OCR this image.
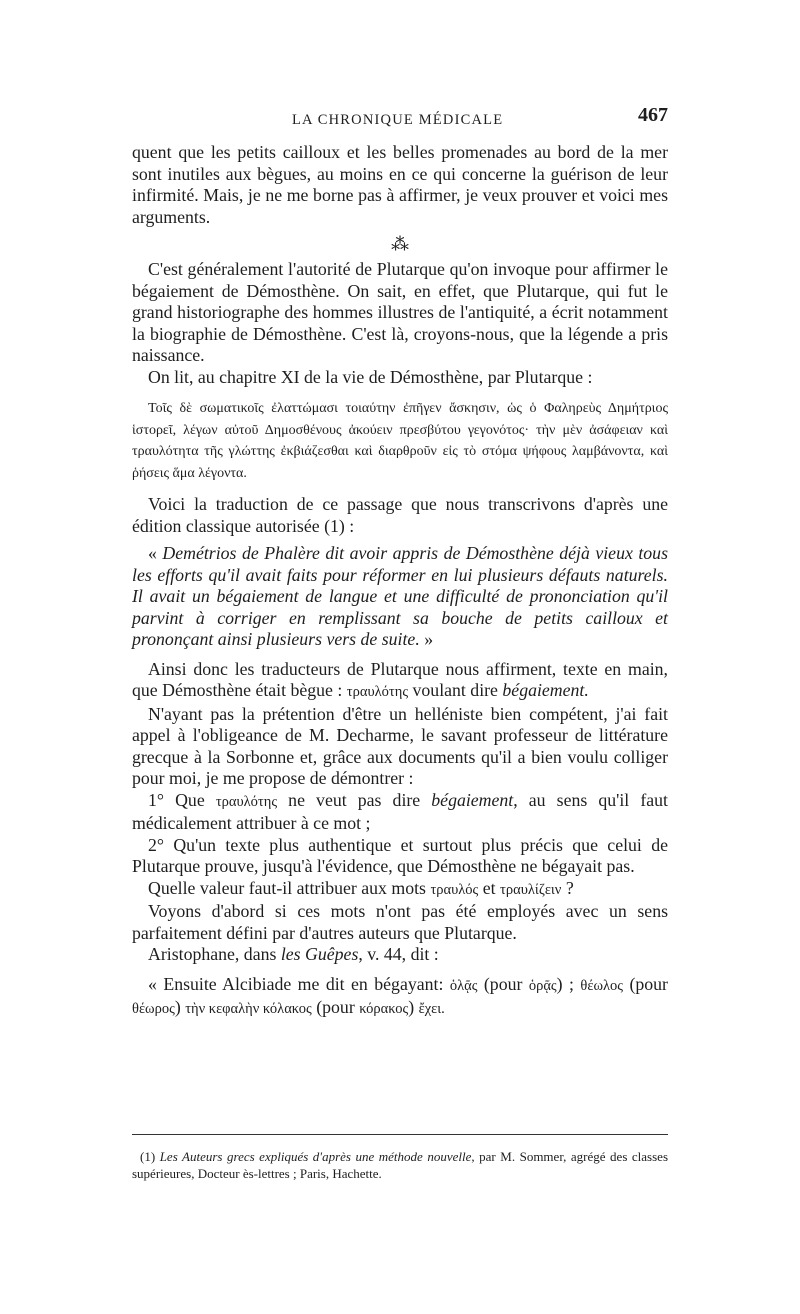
LA CHRONIQUE MÉDICALE	467

quent que les petits cailloux et les belles promenades au bord de la mer sont inutiles aux bègues, au moins en ce qui concerne la guérison de leur infirmité. Mais, je ne me borne pas à affirmer, je veux prouver et voici mes arguments.

⁂

C'est généralement l'autorité de Plutarque qu'on invoque pour affirmer le bégaiement de Démosthène. On sait, en effet, que Plutarque, qui fut le grand historiographe des hommes illustres de l'antiquité, a écrit notamment la biographie de Démosthène. C'est là, croyons-nous, que la légende a pris naissance.

On lit, au chapitre XI de la vie de Démosthène, par Plutarque :

Τοῖς δὲ σωματικοῖς ἐλαττώμασι τοιαύτην ἐπῆγεν ἄσκησιν, ὡς ὁ Φαληρεὺς Δημήτριος ἱστορεῖ, λέγων αὐτοῦ Δημοσθένους ἀκούειν πρεσβύτου γεγονότος· τὴν μὲν ἀσάφειαν καὶ τραυλότητα τῆς γλώττης ἐκβιάζεσθαι καὶ διαρθροῦν εἰς τὸ στόμα ψήφους λαμβάνοντα, καὶ ῥήσεις ἅμα λέγοντα.

Voici la traduction de ce passage que nous transcrivons d'après une édition classique autorisée (1) :

« Demétrios de Phalère dit avoir appris de Démosthène déjà vieux tous les efforts qu'il avait faits pour réformer en lui plusieurs défauts naturels. Il avait un bégaiement de langue et une difficulté de prononciation qu'il parvint à corriger en remplissant sa bouche de petits cailloux et prononçant ainsi plusieurs vers de suite. »

Ainsi donc les traducteurs de Plutarque nous affirment, texte en main, que Démosthène était bègue : τραυλότης voulant dire bégaiement.

N'ayant pas la prétention d'être un helléniste bien compétent, j'ai fait appel à l'obligeance de M. Decharme, le savant professeur de littérature grecque à la Sorbonne et, grâce aux documents qu'il a bien voulu colliger pour moi, je me propose de démontrer :

1° Que τραυλότης ne veut pas dire bégaiement, au sens qu'il faut médicalement attribuer à ce mot ;

2° Qu'un texte plus authentique et surtout plus précis que celui de Plutarque prouve, jusqu'à l'évidence, que Démosthène ne bégayait pas.

Quelle valeur faut-il attribuer aux mots τραυλός et τραυλίζειν ?

Voyons d'abord si ces mots n'ont pas été employés avec un sens parfaitement défini par d'autres auteurs que Plutarque.

Aristophane, dans les Guêpes, v. 44, dit :

« Ensuite Alcibiade me dit en bégayant: ὁλᾷς (pour ὁρᾷς) ; θέωλος (pour θέωρος) τὴν κεφαλὴν κόλακος (pour κόρακος) ἔχει.

(1) Les Auteurs grecs expliqués d'après une méthode nouvelle, par M. Sommer, agrégé des classes supérieures, Docteur ès-lettres ; Paris, Hachette.
